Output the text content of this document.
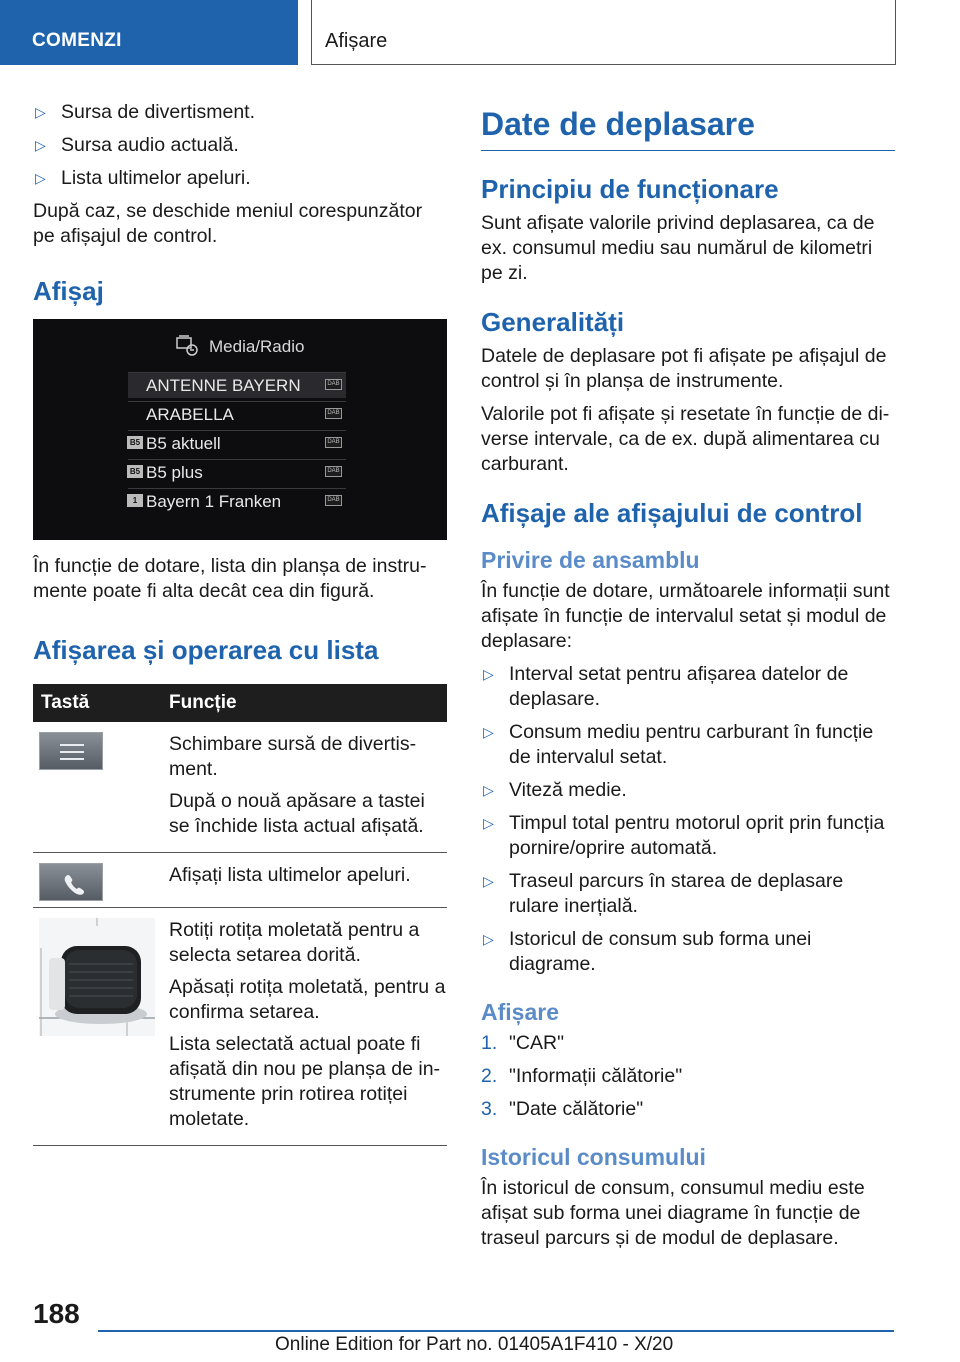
COMENZI	Afișare
▷ Sursa de divertisment.
▷ Sursa audio actuală.
▷ Lista ultimelor apeluri.

După caz, se deschide meniul corespunzător pe afișajul de control.

Afișaj
Media/Radio
ANTENNE BAYERN	DAB
ARABELLA	DAB
B5 aktuell
B5	DAB
B5 plus
B5	DAB
Bayern 1 Franken
1	DAB

În funcție de dotare, lista din planșa de instrumente poate fi alta decât cea din figură.

Afișarea și operarea cu lista
Tastă	Funcție

Schimbare sursă de divertisment.

După o nouă apăsare a tastei se închide lista actual afișată.

Afișați lista ultimelor apeluri.

Rotiți rotița moletată pentru a selecta setarea dorită.

Apăsați rotița moletată, pentru a confirma setarea.

Lista selectată actual poate fi afișată din nou pe planșa de instrumente prin rotirea rotiței moletate.

Date de deplasare
Principiu de funcționare

Sunt afișate valorile privind deplasarea, ca de ex. consumul mediu sau numărul de kilometri pe zi.

Generalități

Datele de deplasare pot fi afișate pe afișajul de control și în planșa de instrumente.

Valorile pot fi afișate și resetate în funcție de diverse intervale, ca de ex. după alimentarea cu carburant.

Afișaje ale afișajului de control
Privire de ansamblu

În funcție de dotare, următoarele informații sunt afișate în funcție de intervalul setat și modul de deplasare:

▷ Interval setat pentru afișarea datelor de deplasare.
▷ Consum mediu pentru carburant în funcție de intervalul setat.
▷ Viteză medie.
▷ Timpul total pentru motorul oprit prin funcția pornire/oprire automată.
▷ Traseul parcurs în starea de deplasare rulare inerțială.
▷ Istoricul de consum sub forma unei diagrame.
Afișare
1. "CAR"
2. "Informații călătorie"
3. "Date călătorie"
Istoricul consumului

În istoricul de consum, consumul mediu este afișat sub forma unei diagrame în funcție de traseul parcurs și de modul de deplasare.

188
Online Edition for Part no. 01405A1F410 - X/20
